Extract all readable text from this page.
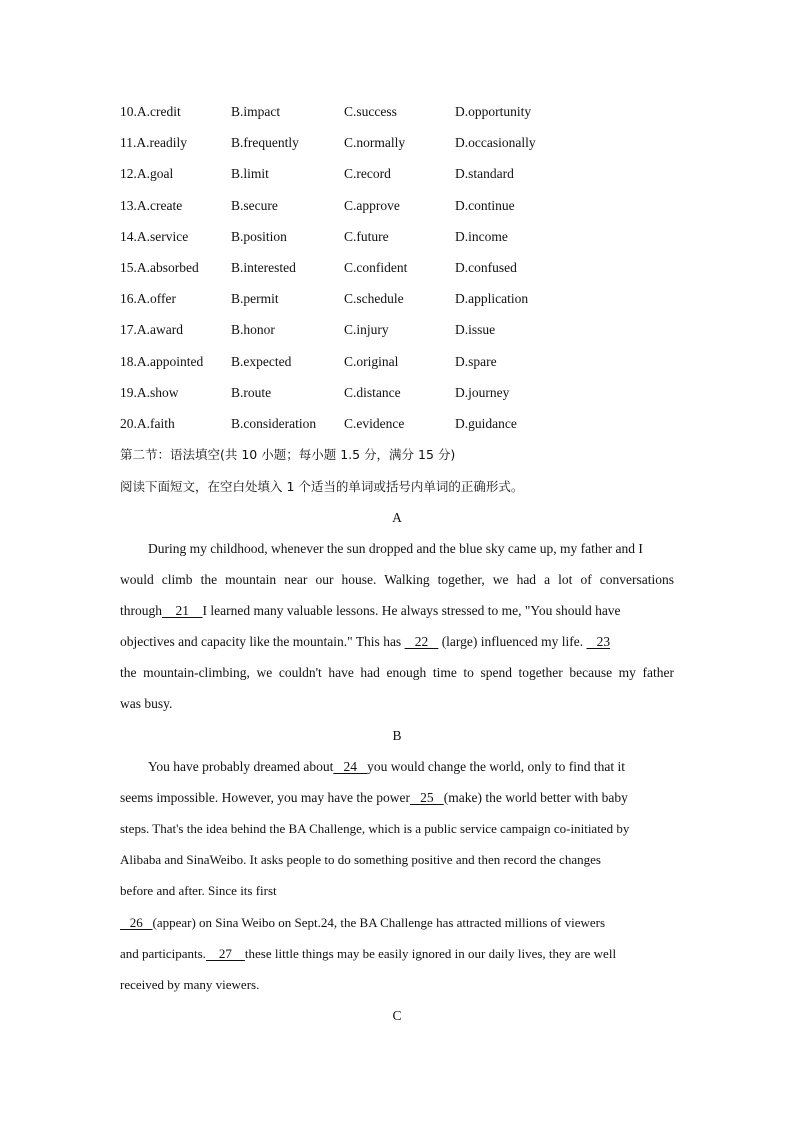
10.A.credit	B.impact	C.success	D.opportunity
11.A.readily	B.frequently	C.normally	D.occasionally
12.A.goal	B.limit	C.record	D.standard
13.A.create	B.secure	C.approve	D.continue
14.A.service	B.position	C.future	D.income
15.A.absorbed B.interested	C.confident	D.confused
16.A.offer	B.permit	C.schedule	D.application
17.A.award	B.honor	C.injury	D.issue
18.A.appointed B.expected	C.original	D.spare
19.A.show	B.route	C.distance	D.journey
20.A.faith	B.consideration C.evidence	D.guidance
第二节：语法填空(共 10 小题；每小题 1.5 分，满分 15 分)
阅读下面短文，在空白处填入 1 个适当的单词或括号内单词的正确形式。
A
During my childhood, whenever the sun dropped and the blue sky came up, my father and I
would climb the mountain near our house. Walking together, we had a lot of conversations
through    21    I learned many valuable lessons. He always stressed to me, "You should have
objectives and capacity like the mountain." This has    22    (large) influenced my life.    23
the mountain-climbing, we couldn't have had enough time to spend together because my father
was busy.
B
You have probably dreamed about   24   you would change the world, only to find that it
seems impossible. However, you may have the power   25   (make) the world better with baby
steps. That's the idea behind the BA Challenge, which is a public service campaign co-initiated by
Alibaba and SinaWeibo. It asks people to do something positive and then record the changes
before and after. Since its first
26   (appear) on Sina Weibo on Sept.24, the BA Challenge has attracted millions of viewers
and participants.    27    these little things may be easily ignored in our daily lives, they are well
received by many viewers.
C
